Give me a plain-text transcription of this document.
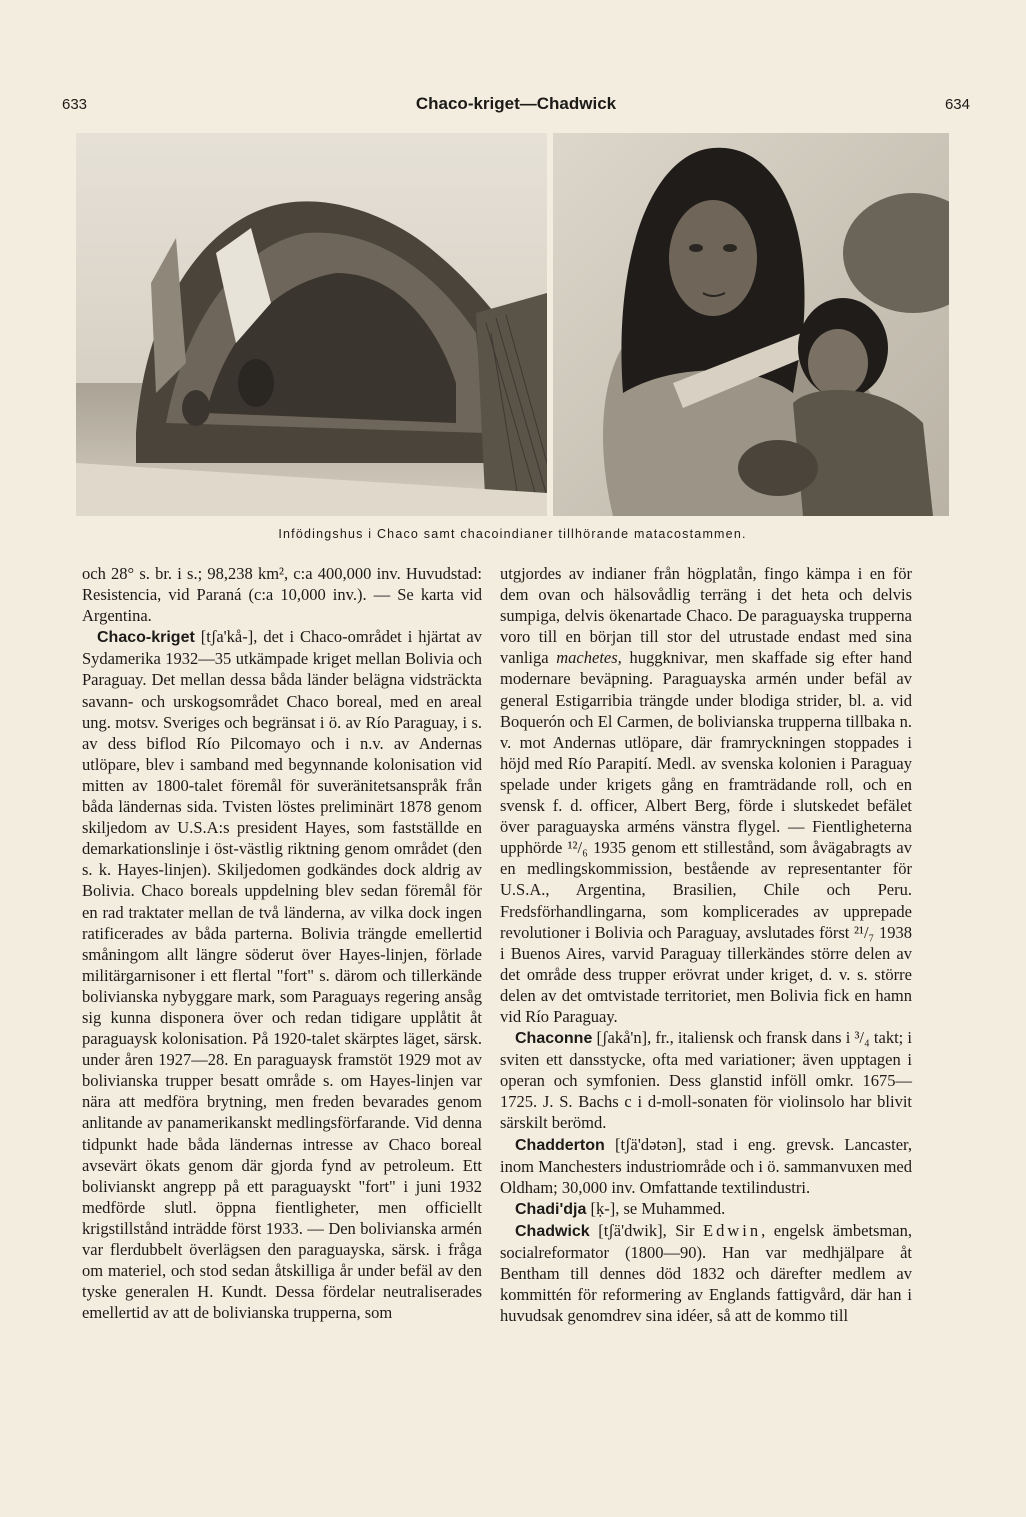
633	Chaco-kriget—Chadwick	634
Infödingshus i Chaco samt chacoindianer tillhörande matacostammen.

och 28° s. br. i s.; 98,238 km², c:a 400,000 inv. Huvudstad: Resistencia, vid Paraná (c:a 10,000 inv.). — Se karta vid Argentina.

Chaco-kriget [tʃa'kå-], det i Chaco-området i hjärtat av Sydamerika 1932—35 utkämpade kriget mellan Bolivia och Paraguay. Det mellan dessa båda länder belägna vidsträckta savann- och urskogsområdet Chaco boreal, med en areal ung. motsv. Sveriges och begränsat i ö. av Río Paraguay, i s. av dess biflod Río Pilcomayo och i n.v. av Andernas utlöpare, blev i samband med begynnande kolonisation vid mitten av 1800-talet föremål för suveränitetsanspråk från båda ländernas sida. Tvisten löstes preliminärt 1878 genom skiljedom av U.S.A:s president Hayes, som fastställde en demarkationslinje i öst-västlig riktning genom området (den s. k. Hayes-linjen). Skiljedomen godkändes dock aldrig av Bolivia. Chaco boreals uppdelning blev sedan föremål för en rad traktater mellan de två länderna, av vilka dock ingen ratificerades av båda parterna. Bolivia trängde emellertid småningom allt längre söderut över Hayes-linjen, förlade militärgarnisoner i ett flertal "fort" s. därom och tillerkände bolivianska nybyggare mark, som Paraguays regering ansåg sig kunna disponera över och redan tidigare upplåtit åt paraguaysk kolonisation. På 1920-talet skärptes läget, särsk. under åren 1927—28. En paraguaysk framstöt 1929 mot av bolivianska trupper besatt område s. om Hayes-linjen var nära att medföra brytning, men freden bevarades genom anlitande av panamerikanskt medlingsförfarande. Vid denna tidpunkt hade båda ländernas intresse av Chaco boreal avsevärt ökats genom där gjorda fynd av petroleum. Ett bolivianskt angrepp på ett paraguayskt "fort" i juni 1932 medförde slutl. öppna fientligheter, men officiellt krigstillstånd inträdde först 1933. — Den bolivianska armén var flerdubbelt överlägsen den paraguayska, särsk. i fråga om materiel, och stod sedan åtskilliga år under befäl av den tyske generalen H. Kundt. Dessa fördelar neutraliserades emellertid av att de bolivianska trupperna, som

utgjordes av indianer från högplatån, fingo kämpa i en för dem ovan och hälsovådlig terräng i det heta och delvis sumpiga, delvis ökenartade Chaco. De paraguayska trupperna voro till en början till stor del utrustade endast med sina vanliga machetes, huggknivar, men skaffade sig efter hand modernare beväpning. Paraguayska armén under befäl av general Estigarribia trängde under blodiga strider, bl. a. vid Boquerón och El Carmen, de bolivianska trupperna tillbaka n. v. mot Andernas utlöpare, där framryckningen stoppades i höjd med Río Parapití. Medl. av svenska kolonien i Paraguay spelade under krigets gång en framträdande roll, och en svensk f. d. officer, Albert Berg, förde i slutskedet befälet över paraguayska arméns vänstra flygel. — Fientligheterna upphörde ¹²/₆ 1935 genom ett stillestånd, som åvägabragts av en medlingskommission, bestående av representanter för U.S.A., Argentina, Brasilien, Chile och Peru. Fredsförhandlingarna, som komplicerades av upprepade revolutioner i Bolivia och Paraguay, avslutades först ²¹/₇ 1938 i Buenos Aires, varvid Paraguay tillerkändes större delen av det område dess trupper erövrat under kriget, d. v. s. större delen av det omtvistade territoriet, men Bolivia fick en hamn vid Río Paraguay.

Chaconne [ʃakå'n], fr., italiensk och fransk dans i ³/₄ takt; i sviten ett dansstycke, ofta med variationer; även upptagen i operan och symfonien. Dess glanstid inföll omkr. 1675—1725. J. S. Bachs c i d-moll-sonaten för violinsolo har blivit särskilt berömd.

Chadderton [tʃä'dətən], stad i eng. grevsk. Lancaster, inom Manchesters industriområde och i ö. sammanvuxen med Oldham; 30,000 inv. Omfattande textilindustri.

Chadi'dja [ḳ-], se Muhammed.

Chadwick [tʃä'dwik], Sir Edwin, engelsk ämbetsman, socialreformator (1800—90). Han var medhjälpare åt Bentham till dennes död 1832 och därefter medlem av kommittén för reformering av Englands fattigvård, där han i huvudsak genomdrev sina idéer, så att de kommo till
